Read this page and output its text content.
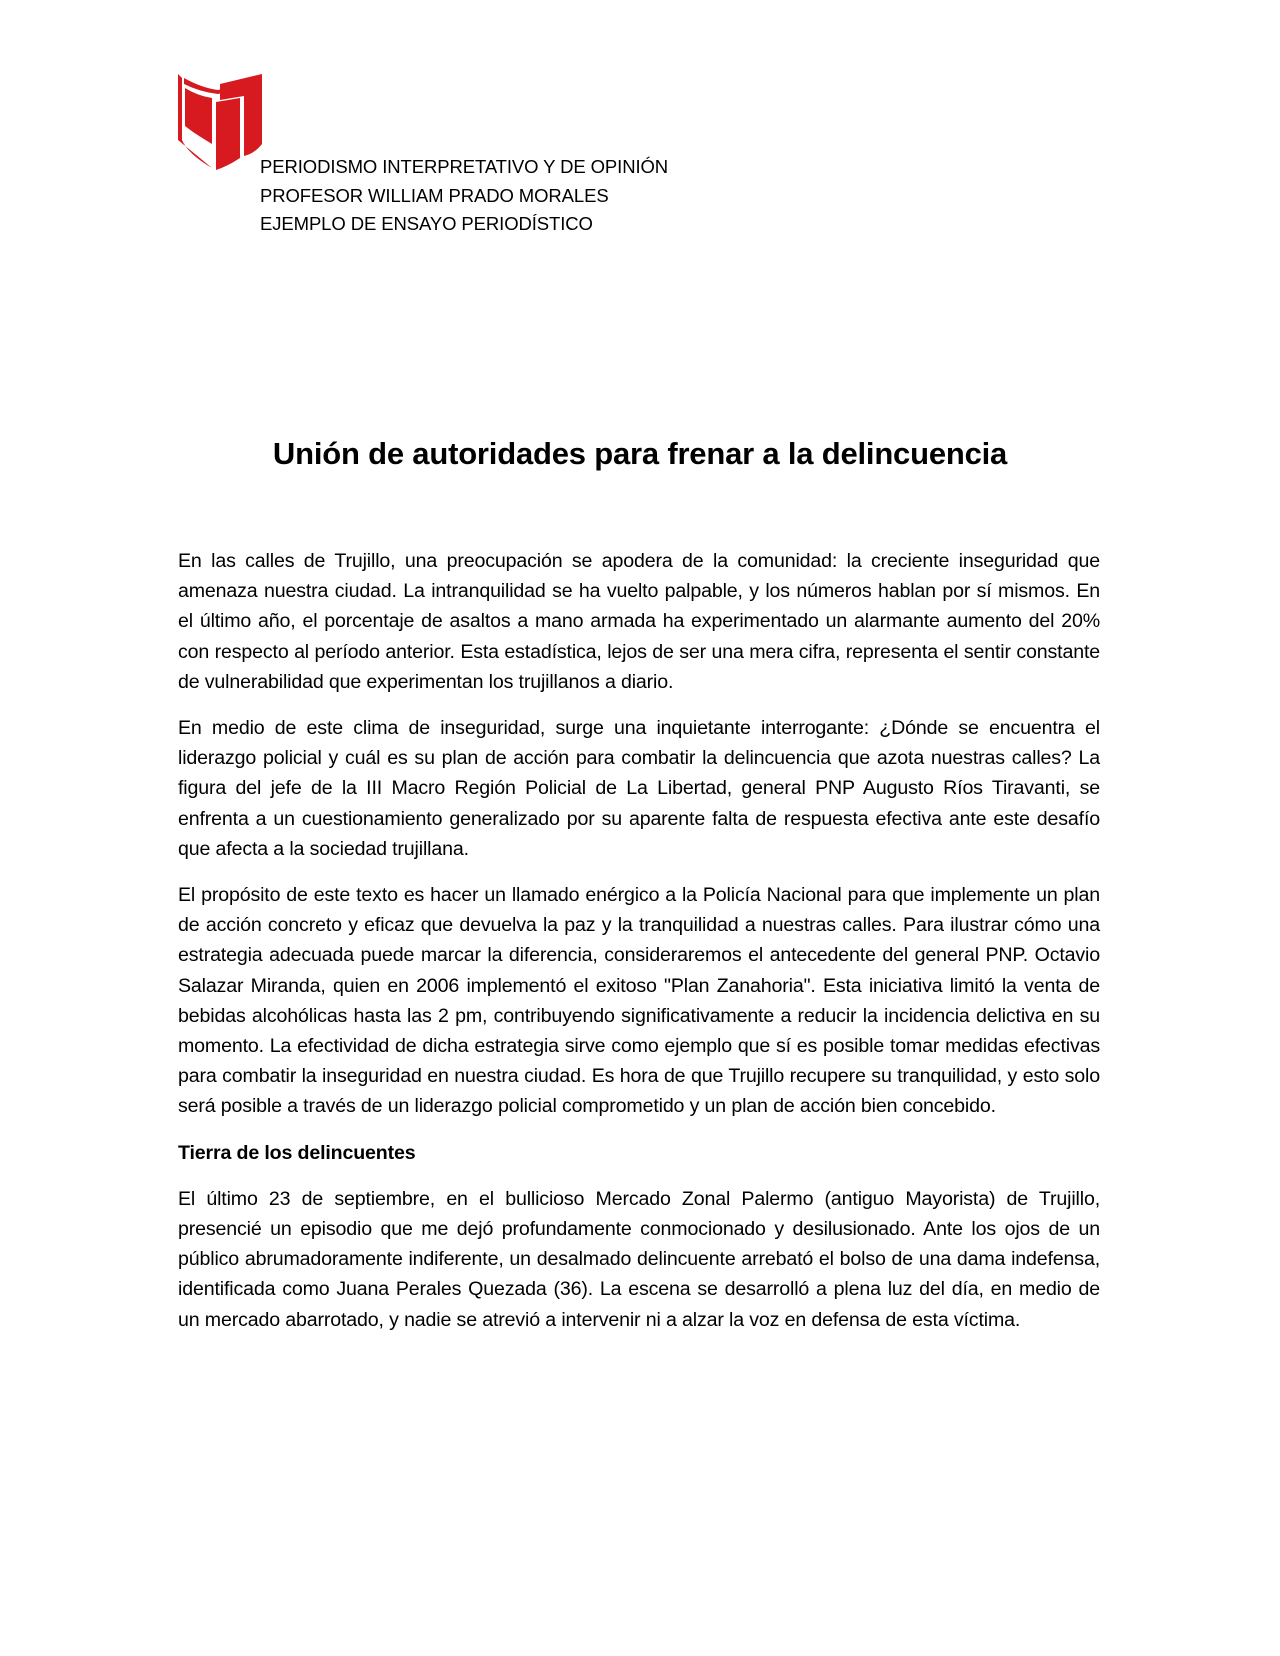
PERIODISMO INTERPRETATIVO Y DE OPINIÓN
PROFESOR WILLIAM PRADO MORALES
EJEMPLO DE ENSAYO PERIODÍSTICO
Unión de autoridades para frenar a la delincuencia

En las calles de Trujillo, una preocupación se apodera de la comunidad: la creciente inseguridad que amenaza nuestra ciudad. La intranquilidad se ha vuelto palpable, y los números hablan por sí mismos. En el último año, el porcentaje de asaltos a mano armada ha experimentado un alarmante aumento del 20% con respecto al período anterior. Esta estadística, lejos de ser una mera cifra, representa el sentir constante de vulnerabilidad que experimentan los trujillanos a diario.

En medio de este clima de inseguridad, surge una inquietante interrogante: ¿Dónde se encuentra el liderazgo policial y cuál es su plan de acción para combatir la delincuencia que azota nuestras calles? La figura del jefe de la III Macro Región Policial de La Libertad, general PNP Augusto Ríos Tiravanti, se enfrenta a un cuestionamiento generalizado por su aparente falta de respuesta efectiva ante este desafío que afecta a la sociedad trujillana.

El propósito de este texto es hacer un llamado enérgico a la Policía Nacional para que implemente un plan de acción concreto y eficaz que devuelva la paz y la tranquilidad a nuestras calles. Para ilustrar cómo una estrategia adecuada puede marcar la diferencia, consideraremos el antecedente del general PNP. Octavio Salazar Miranda, quien en 2006 implementó el exitoso "Plan Zanahoria". Esta iniciativa limitó la venta de bebidas alcohólicas hasta las 2 pm, contribuyendo significativamente a reducir la incidencia delictiva en su momento. La efectividad de dicha estrategia sirve como ejemplo que sí es posible tomar medidas efectivas para combatir la inseguridad en nuestra ciudad. Es hora de que Trujillo recupere su tranquilidad, y esto solo será posible a través de un liderazgo policial comprometido y un plan de acción bien concebido.

Tierra de los delincuentes

El último 23 de septiembre, en el bullicioso Mercado Zonal Palermo (antiguo Mayorista) de Trujillo, presencié un episodio que me dejó profundamente conmocionado y desilusionado. Ante los ojos de un público abrumadoramente indiferente, un desalmado delincuente arrebató el bolso de una dama indefensa, identificada como Juana Perales Quezada (36). La escena se desarrolló a plena luz del día, en medio de un mercado abarrotado, y nadie se atrevió a intervenir ni a alzar la voz en defensa de esta víctima.
